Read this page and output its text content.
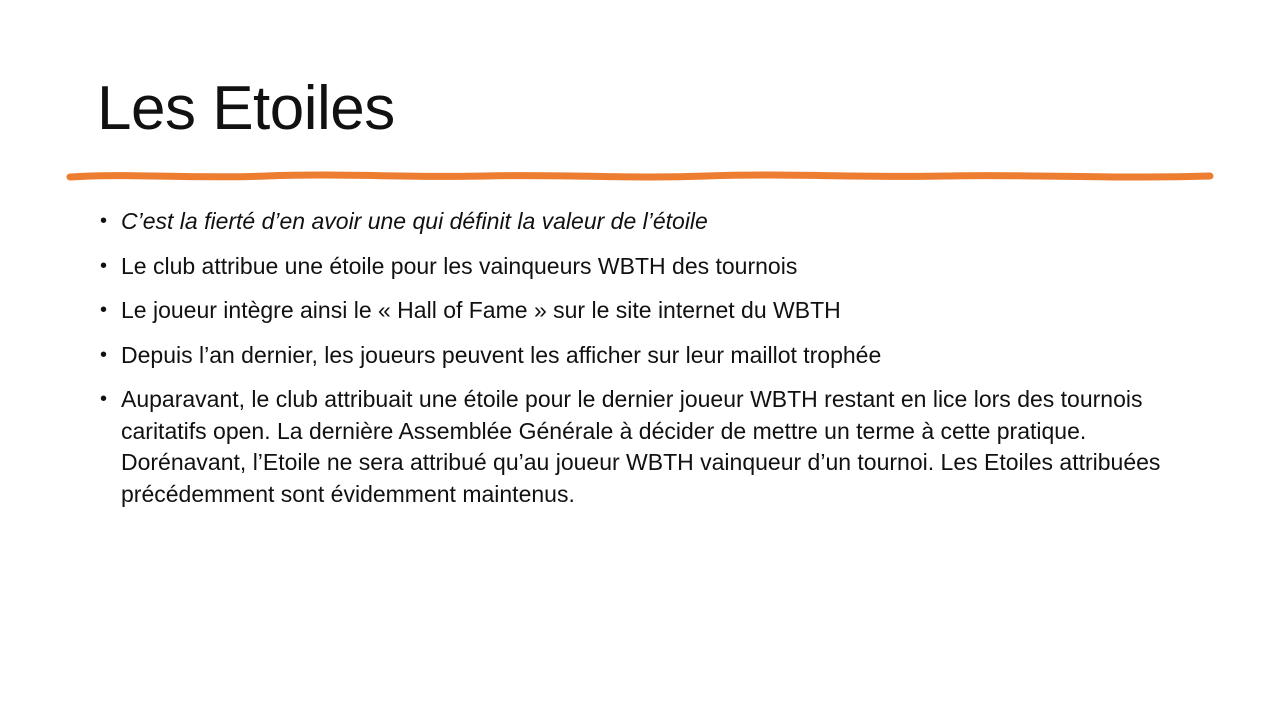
Les Etoiles
• C’est la fierté d’en avoir une qui définit la valeur de l’étoile
• Le club attribue une étoile pour les vainqueurs WBTH des tournois
• Le joueur intègre ainsi le « Hall of Fame » sur le site internet du WBTH
• Depuis l’an dernier, les joueurs peuvent les afficher sur leur maillot trophée
• Auparavant, le club attribuait une étoile pour le dernier joueur WBTH restant en lice lors des tournois caritatifs open. La dernière Assemblée Générale à décider de mettre un terme à cette pratique. Dorénavant, l’Etoile ne sera attribué qu’au joueur WBTH vainqueur d’un tournoi. Les Etoiles attribuées précédemment sont évidemment maintenus.
